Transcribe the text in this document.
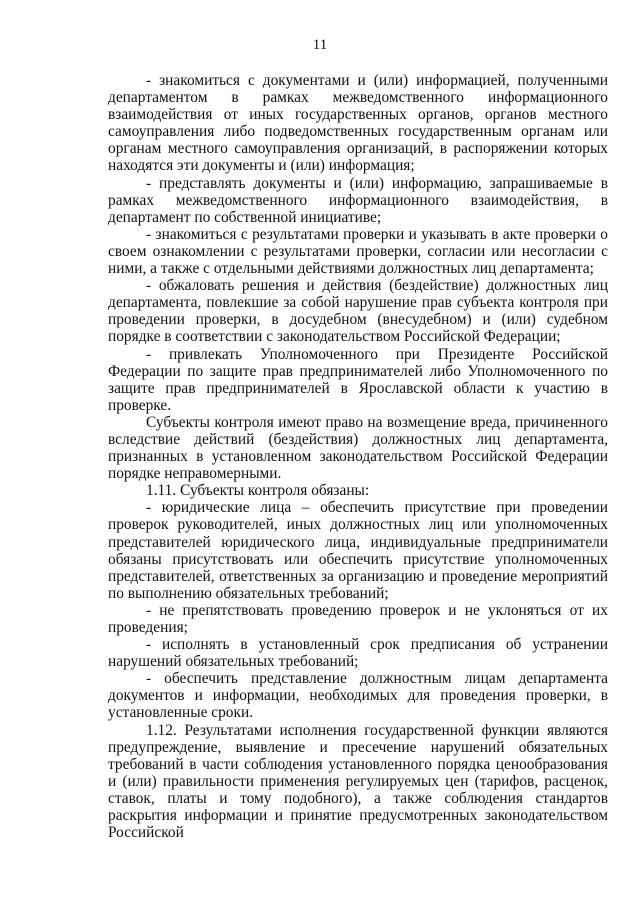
11

- знакомиться с документами и (или) информацией, полученными департаментом в рамках межведомственного информационного взаимодействия от иных государственных органов, органов местного самоуправления либо подведомственных государственным органам или органам местного самоуправления организаций, в распоряжении которых находятся эти документы и (или) информация;

- представлять документы и (или) информацию, запрашиваемые в рамках межведомственного информационного взаимодействия, в департамент по собственной инициативе;

- знакомиться с результатами проверки и указывать в акте проверки о своем ознакомлении с результатами проверки, согласии или несогласии с ними, а также с отдельными действиями должностных лиц департамента;

- обжаловать решения и действия (бездействие) должностных лиц департамента, повлекшие за собой нарушение прав субъекта контроля при проведении проверки, в досудебном (внесудебном) и (или) судебном порядке в соответствии с законодательством Российской Федерации;

- привлекать Уполномоченного при Президенте Российской Федерации по защите прав предпринимателей либо Уполномоченного по защите прав предпринимателей в Ярославской области к участию в проверке.

Субъекты контроля имеют право на возмещение вреда, причиненного вследствие действий (бездействия) должностных лиц департамента, признанных в установленном законодательством Российской Федерации порядке неправомерными.

1.11. Субъекты контроля обязаны:

- юридические лица – обеспечить присутствие при проведении проверок руководителей, иных должностных лиц или уполномоченных представителей юридического лица, индивидуальные предприниматели обязаны присутствовать или обеспечить присутствие уполномоченных представителей, ответственных за организацию и проведение мероприятий по выполнению обязательных требований;

- не препятствовать проведению проверок и не уклоняться от их проведения;

- исполнять в установленный срок предписания об устранении нарушений обязательных требований;

- обеспечить представление должностным лицам департамента документов и информации, необходимых для проведения проверки, в установленные сроки.

1.12. Результатами исполнения государственной функции являются предупреждение, выявление и пресечение нарушений обязательных требований в части соблюдения установленного порядка ценообразования и (или) правильности применения регулируемых цен (тарифов, расценок, ставок, платы и тому подобного), а также соблюдения стандартов раскрытия информации и принятие предусмотренных законодательством Российской
